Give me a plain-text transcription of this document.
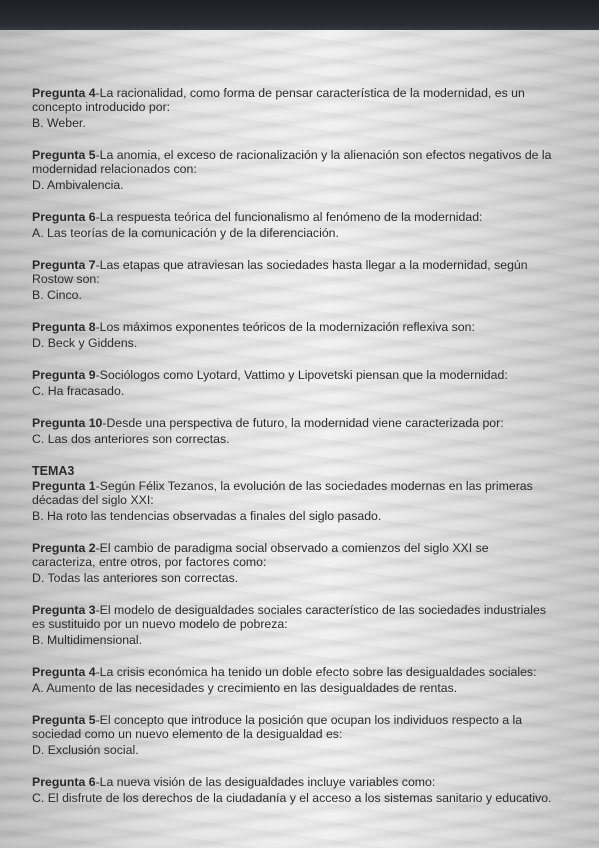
Pregunta 4-La racionalidad, como forma de pensar característica de la modernidad, es un concepto introducido por:

B. Weber.

Pregunta 5-La anomia, el exceso de racionalización y la alienación son efectos negativos de la modernidad relacionados con:

D. Ambivalencia.

Pregunta 6-La respuesta teórica del funcionalismo al fenómeno de la modernidad:

A. Las teorías de la comunicación y de la diferenciación.

Pregunta 7-Las etapas que atraviesan las sociedades hasta llegar a la modernidad, según Rostow son:

B. Cinco.

Pregunta 8-Los máximos exponentes teóricos de la modernización reflexiva son:

D. Beck y Giddens.

Pregunta 9-Sociólogos como Lyotard, Vattimo y Lipovetski piensan que la modernidad:

C. Ha fracasado.

Pregunta 10-Desde una perspectiva de futuro, la modernidad viene caracterizada por:

C. Las dos anteriores son correctas.

TEMA3

Pregunta 1-Según Félix Tezanos, la evolución de las sociedades modernas en las primeras décadas del siglo XXI:

B. Ha roto las tendencias observadas a finales del siglo pasado.

Pregunta 2-El cambio de paradigma social observado a comienzos del siglo XXI se caracteriza, entre otros, por factores como:

D. Todas las anteriores son correctas.

Pregunta 3-El modelo de desigualdades sociales característico de las sociedades industriales es sustituido por un nuevo modelo de pobreza:

B. Multidimensional.

Pregunta 4-La crisis económica ha tenido un doble efecto sobre las desigualdades sociales:

A. Aumento de las necesidades y crecimiento en las desigualdades de rentas.

Pregunta 5-El concepto que introduce la posición que ocupan los individuos respecto a la sociedad como un nuevo elemento de la desigualdad es:

D. Exclusión social.

Pregunta 6-La nueva visión de las desigualdades incluye variables como:

C. El disfrute de los derechos de la ciudadanía y el acceso a los sistemas sanitario y educativo.
